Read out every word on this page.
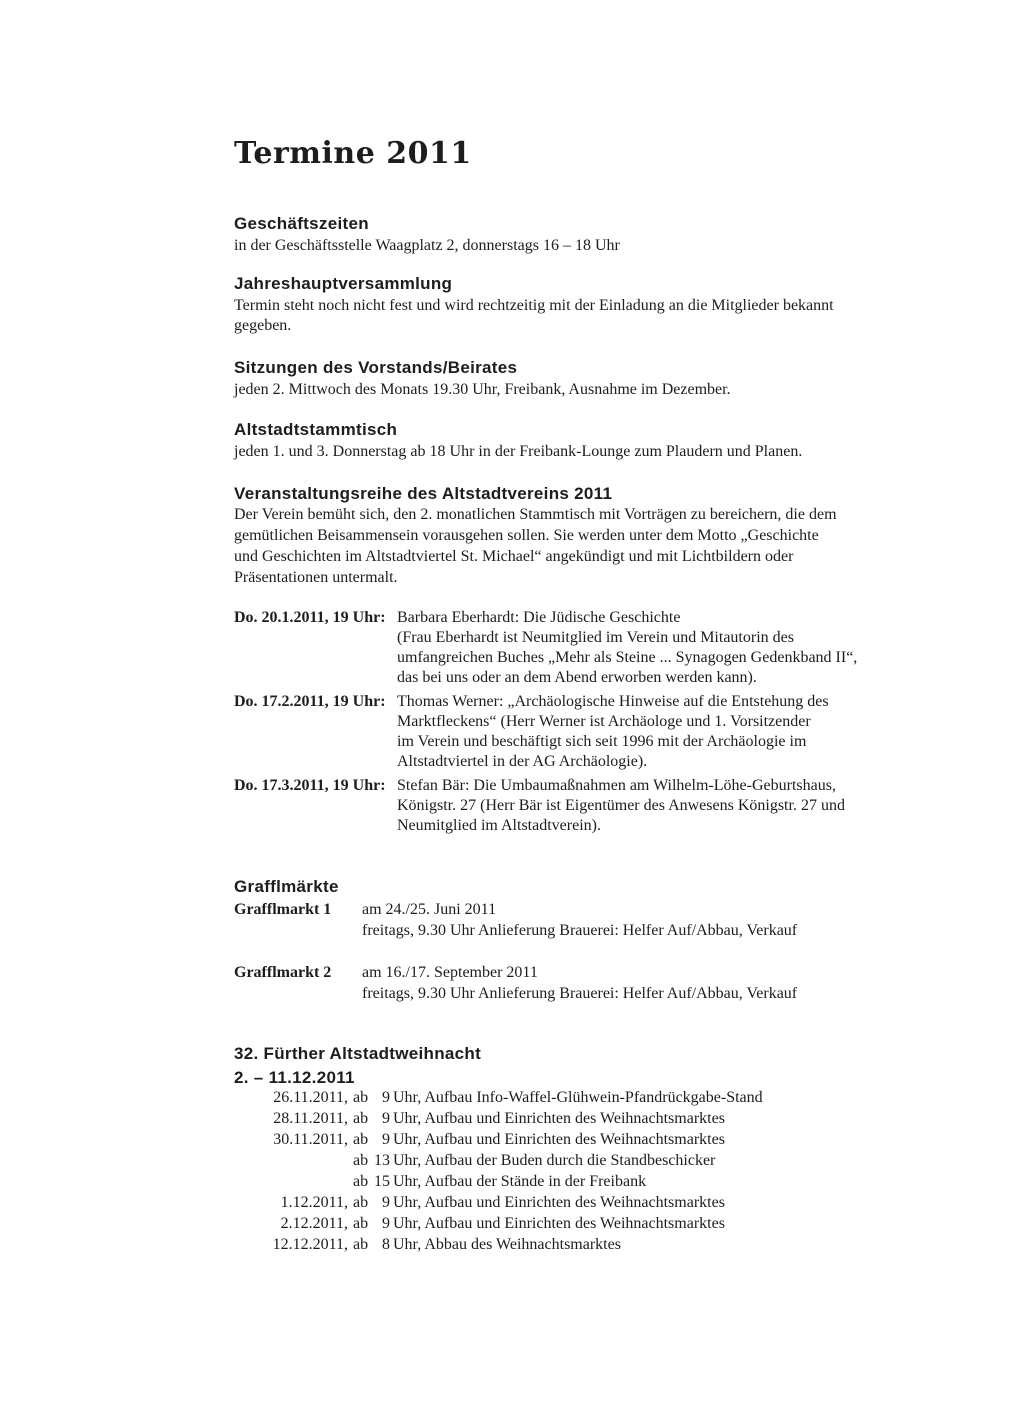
Termine 2011
Geschäftszeiten
in der Geschäftsstelle Waagplatz 2, donnerstags 16 – 18 Uhr
Jahreshauptversammlung
Termin steht noch nicht fest und wird rechtzeitig mit der Einladung an die Mitglieder bekannt
gegeben.
Sitzungen des Vorstands/Beirates
jeden 2. Mittwoch des Monats 19.30 Uhr, Freibank, Ausnahme im Dezember.
Altstadtstammtisch
jeden 1. und 3. Donnerstag ab 18 Uhr in der Freibank-Lounge zum Plaudern und Planen.
Veranstaltungsreihe des Altstadtvereins 2011
Der Verein bemüht sich, den 2. monatlichen Stammtisch mit Vorträgen zu bereichern, die dem
gemütlichen Beisammensein vorausgehen sollen. Sie werden unter dem Motto „Geschichte
und Geschichten im Altstadtviertel St. Michael“ angekündigt und mit Lichtbildern oder
Präsentationen untermalt.
Do. 20.1.2011, 19 Uhr: Barbara Eberhardt: Die Jüdische Geschichte
(Frau Eberhardt ist Neumitglied im Verein und Mitautorin des
umfangreichen Buches „Mehr als Steine ... Synagogen Gedenkband II“,
das bei uns oder an dem Abend erworben werden kann).
Do. 17.2.2011, 19 Uhr: Thomas Werner: „Archäologische Hinweise auf die Entstehung des
Marktfleckens“ (Herr Werner ist Archäologe und 1. Vorsitzender
im Verein und beschäftigt sich seit 1996 mit der Archäologie im
Altstadtviertel in der AG Archäologie).
Do. 17.3.2011, 19 Uhr: Stefan Bär: Die Umbaumaßnahmen am Wilhelm-Löhe-Geburtshaus,
Königstr. 27 (Herr Bär ist Eigentümer des Anwesens Königstr. 27 und
Neumitglied im Altstadtverein).
Grafflmärkte
Grafflmarkt 1	am 24./25. Juni 2011
freitags, 9.30 Uhr Anlieferung Brauerei: Helfer Auf/Abbau, Verkauf
Grafflmarkt 2	am 16./17. September 2011
freitags, 9.30 Uhr Anlieferung Brauerei: Helfer Auf/Abbau, Verkauf
32. Fürther Altstadtweihnacht
2. – 11.12.2011
26.11.2011, ab 9 Uhr, Aufbau Info-Waffel-Glühwein-Pfandrückgabe-Stand
28.11.2011, ab 9 Uhr, Aufbau und Einrichten des Weihnachtsmarktes
30.11.2011, ab 9 Uhr, Aufbau und Einrichten des Weihnachtsmarktes
ab 13 Uhr, Aufbau der Buden durch die Standbeschicker
ab 15 Uhr, Aufbau der Stände in der Freibank
1.12.2011, ab 9 Uhr, Aufbau und Einrichten des Weihnachtsmarktes
2.12.2011, ab 9 Uhr, Aufbau und Einrichten des Weihnachtsmarktes
12.12.2011, ab 8 Uhr, Abbau des Weihnachtsmarktes
